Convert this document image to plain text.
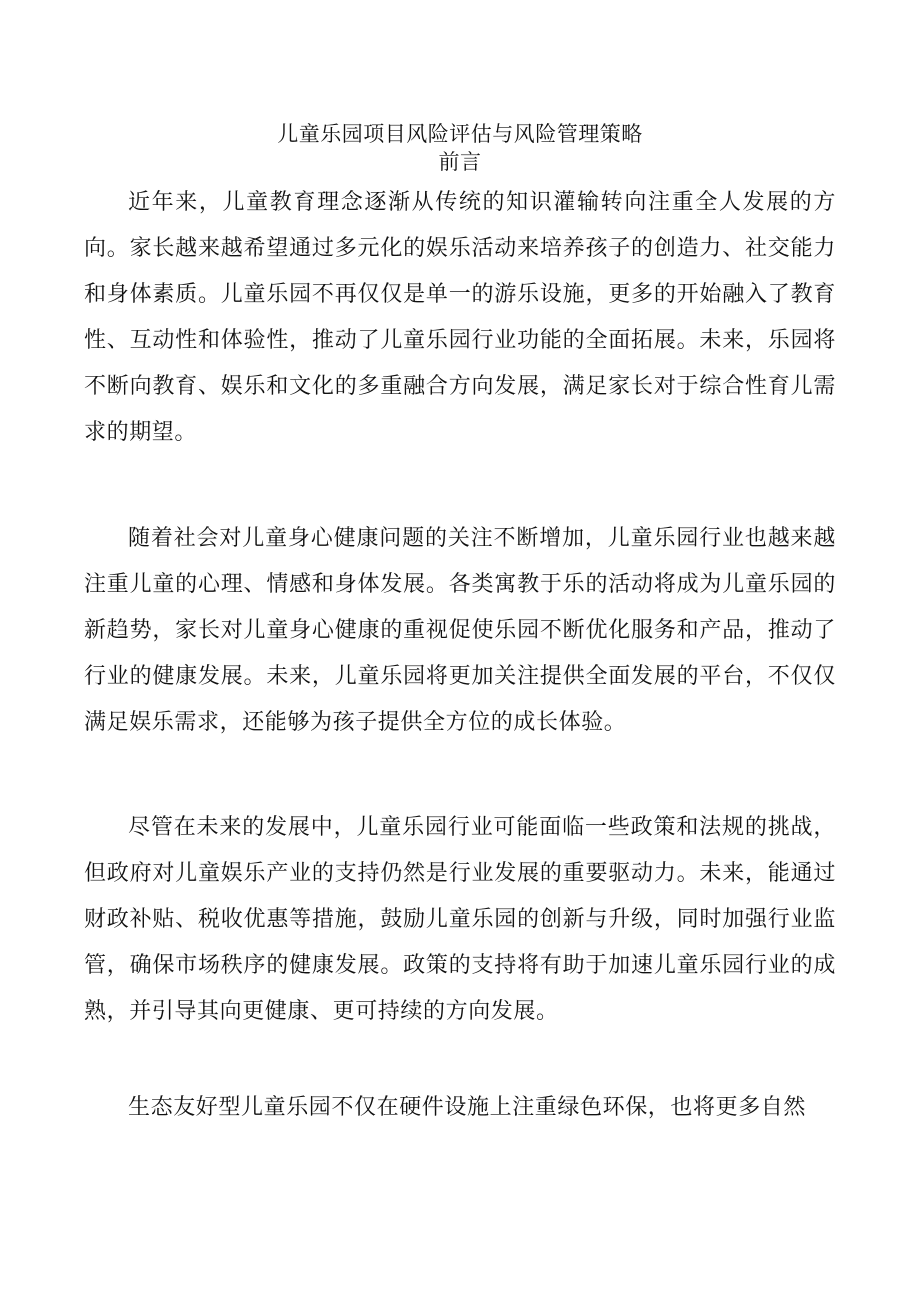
儿童乐园项目风险评估与风险管理策略
前言

近年来，儿童教育理念逐渐从传统的知识灌输转向注重全人发展的方向。家长越来越希望通过多元化的娱乐活动来培养孩子的创造力、社交能力和身体素质。儿童乐园不再仅仅是单一的游乐设施，更多的开始融入了教育性、互动性和体验性，推动了儿童乐园行业功能的全面拓展。未来，乐园将不断向教育、娱乐和文化的多重融合方向发展，满足家长对于综合性育儿需求的期望。

随着社会对儿童身心健康问题的关注不断增加，儿童乐园行业也越来越注重儿童的心理、情感和身体发展。各类寓教于乐的活动将成为儿童乐园的新趋势，家长对儿童身心健康的重视促使乐园不断优化服务和产品，推动了行业的健康发展。未来，儿童乐园将更加关注提供全面发展的平台，不仅仅满足娱乐需求，还能够为孩子提供全方位的成长体验。

尽管在未来的发展中，儿童乐园行业可能面临一些政策和法规的挑战，但政府对儿童娱乐产业的支持仍然是行业发展的重要驱动力。未来，能通过财政补贴、税收优惠等措施，鼓励儿童乐园的创新与升级，同时加强行业监管，确保市场秩序的健康发展。政策的支持将有助于加速儿童乐园行业的成熟，并引导其向更健康、更可持续的方向发展。

生态友好型儿童乐园不仅在硬件设施上注重绿色环保，也将更多自然
